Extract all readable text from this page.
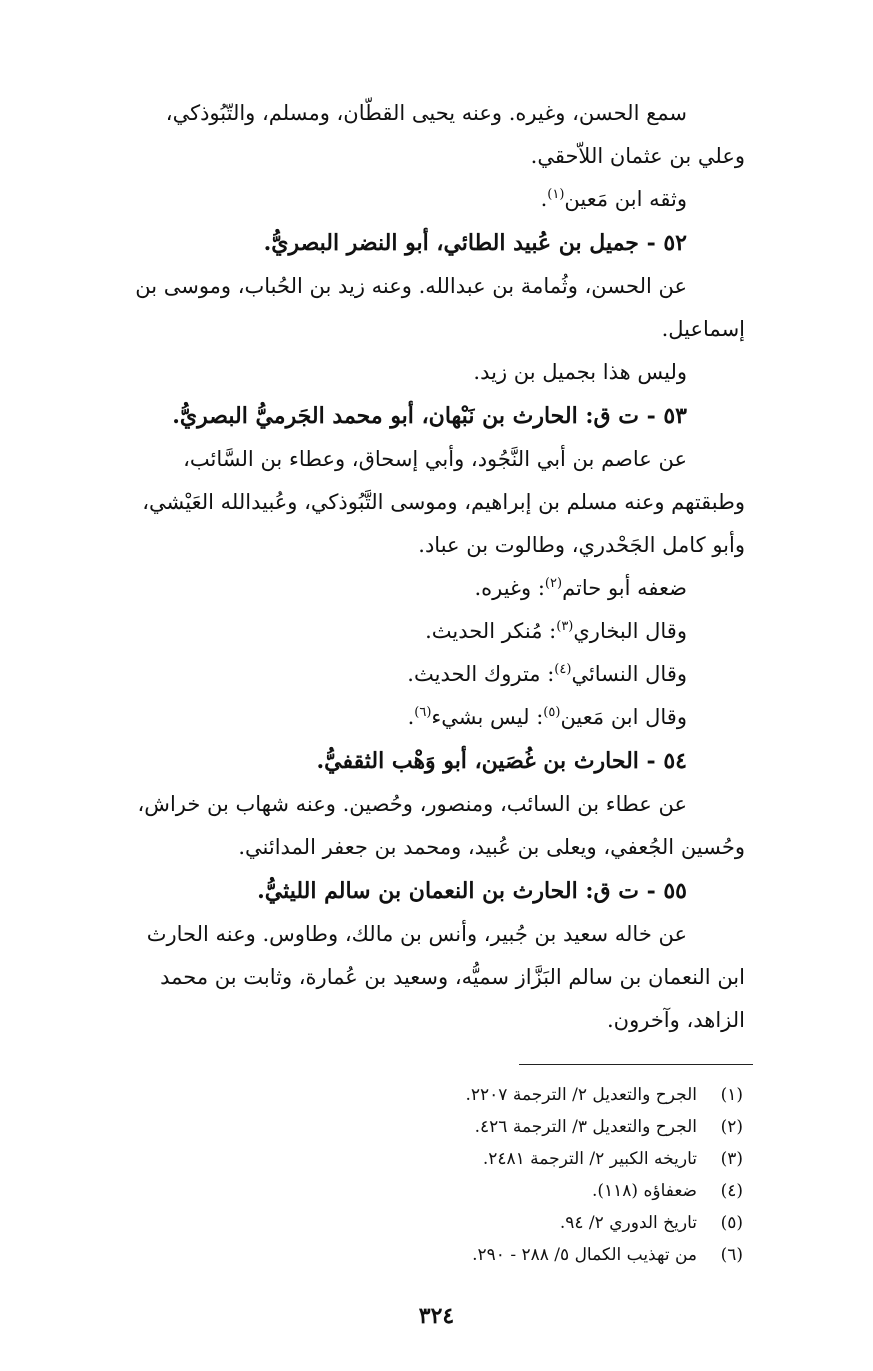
سمع الحسن، وغيره. وعنه يحيى القطّان، ومسلم، والتّبُوذكي،

وعلي بن عثمان اللاّحقي.

وثقه ابن مَعين$^{(١)}$.

٥٢ - جميل بن عُبيد الطائي، أبو النضر البصريُّ.

عن الحسن، وثُمامة بن عبدالله. وعنه زيد بن الحُباب، وموسى بن

إسماعيل.

وليس هذا بجميل بن زيد.

٥٣ - ت ق: الحارث بن نَبْهان، أبو محمد الجَرميُّ البصريُّ.

عن عاصم بن أبي النَّجُود، وأبي إسحاق، وعطاء بن السَّائب،

وطبقتهم وعنه مسلم بن إبراهيم، وموسى التَّبُوذكي، وعُبيدالله العَيْشي،

وأبو كامل الجَحْدري، وطالوت بن عباد.

ضعفه أبو حاتم$^{(٢)}$: وغيره.

وقال البخاري$^{(٣)}$: مُنكر الحديث.

وقال النسائي$^{(٤)}$: متروك الحديث.

وقال ابن مَعين$^{(٥)}$: ليس بشيء$^{(٦)}$.

٥٤ - الحارث بن غُصَين، أبو وَهْب الثقفيُّ.

عن عطاء بن السائب، ومنصور، وحُصين. وعنه شهاب بن خراش،

وحُسين الجُعفي، ويعلى بن عُبيد، ومحمد بن جعفر المدائني.

٥٥ - ت ق: الحارث بن النعمان بن سالم الليثيُّ.

عن خاله سعيد بن جُبير، وأنس بن مالك، وطاوس. وعنه الحارث

ابن النعمان بن سالم البَزَّاز سميُّه، وسعيد بن عُمارة، وثابت بن محمد

الزاهد، وآخرون.

(١)
الجرح والتعديل ٢/ الترجمة ٢٢٠٧.

(٢)
الجرح والتعديل ٣/ الترجمة ٤٢٦.

(٣)
تاريخه الكبير ٢/ الترجمة ٢٤٨١.

(٤)
ضعفاؤه (١١٨).

(٥)
تاريخ الدوري ٢/ ٩٤.

(٦)
من تهذيب الكمال ٥/ ٢٨٨ - ٢٩٠.

٣٢٤
